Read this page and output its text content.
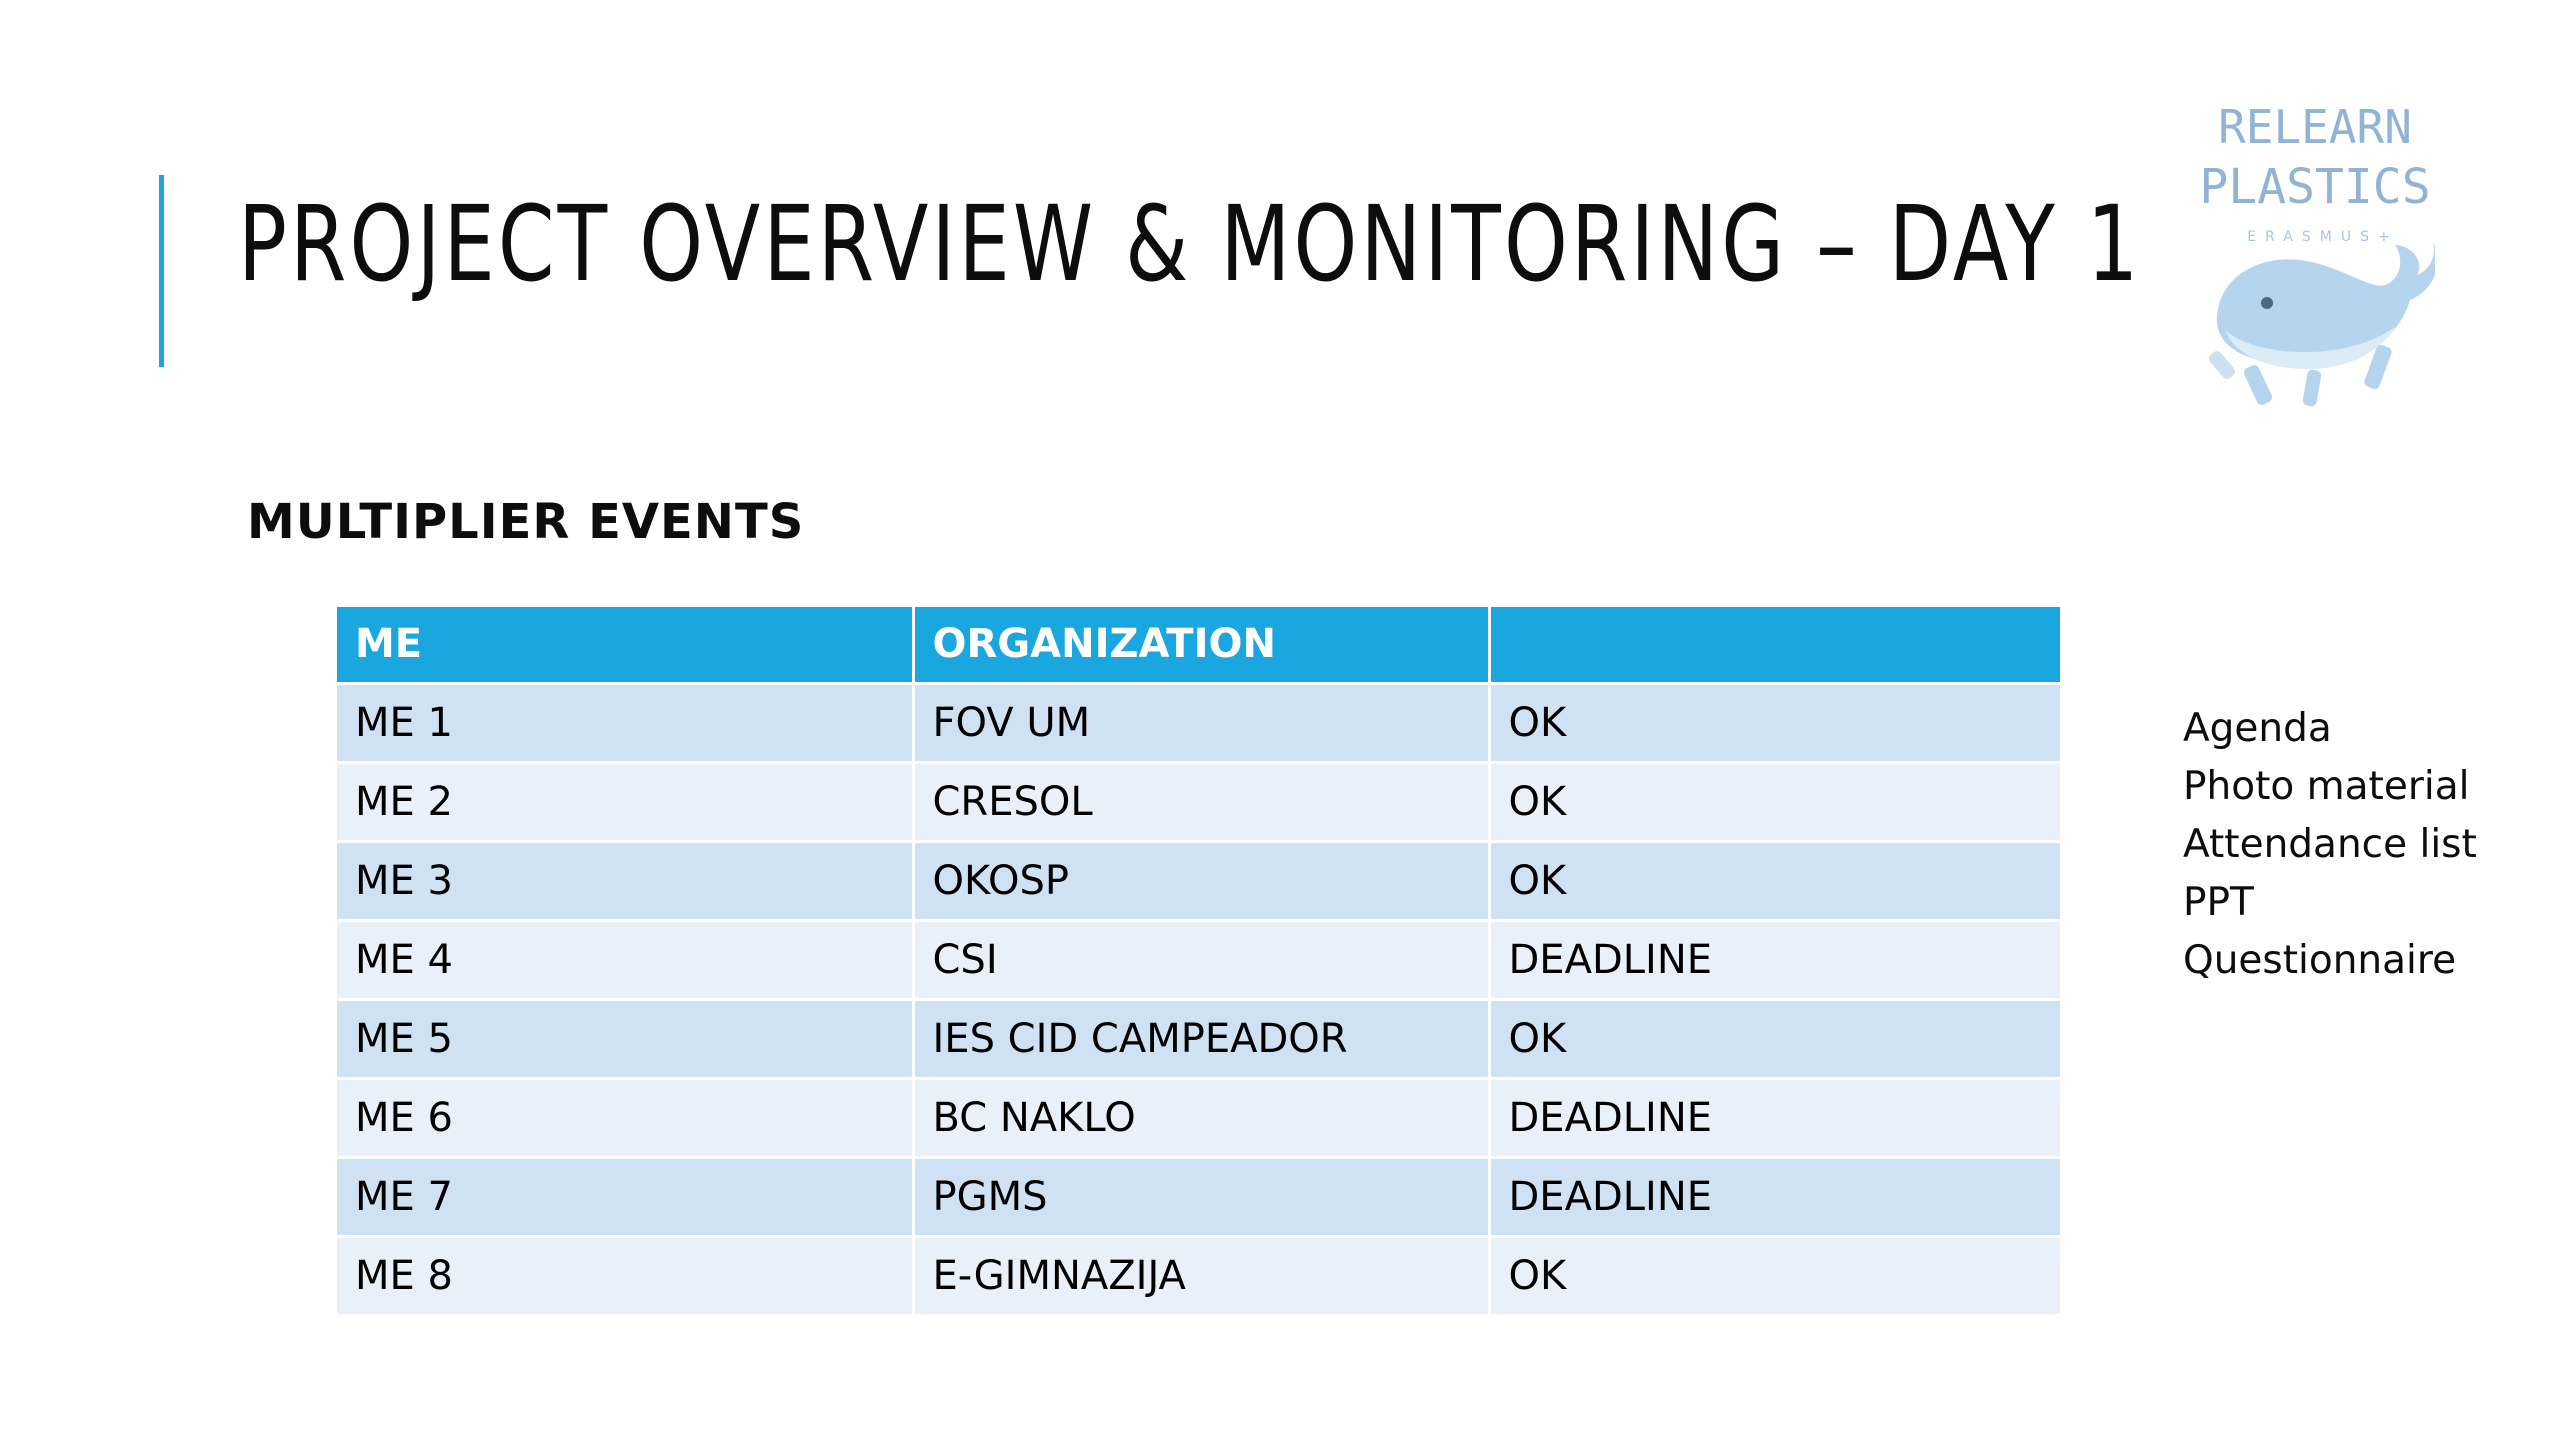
PROJECT OVERVIEW & MONITORING – DAY 1
RELEARN
PLASTICS
ERASMUS+
MULTIPLIER EVENTS
ME	ORGANIZATION	
ME 1	FOV UM	OK
ME 2	CRESOL	OK
ME 3	OKOSP	OK
ME 4	CSI	DEADLINE
ME 5	IES CID CAMPEADOR	OK
ME 6	BC NAKLO	DEADLINE
ME 7	PGMS	DEADLINE
ME 8	E-GIMNAZIJA	OK
Agenda
Photo material
Attendance list
PPT
Questionnaire
